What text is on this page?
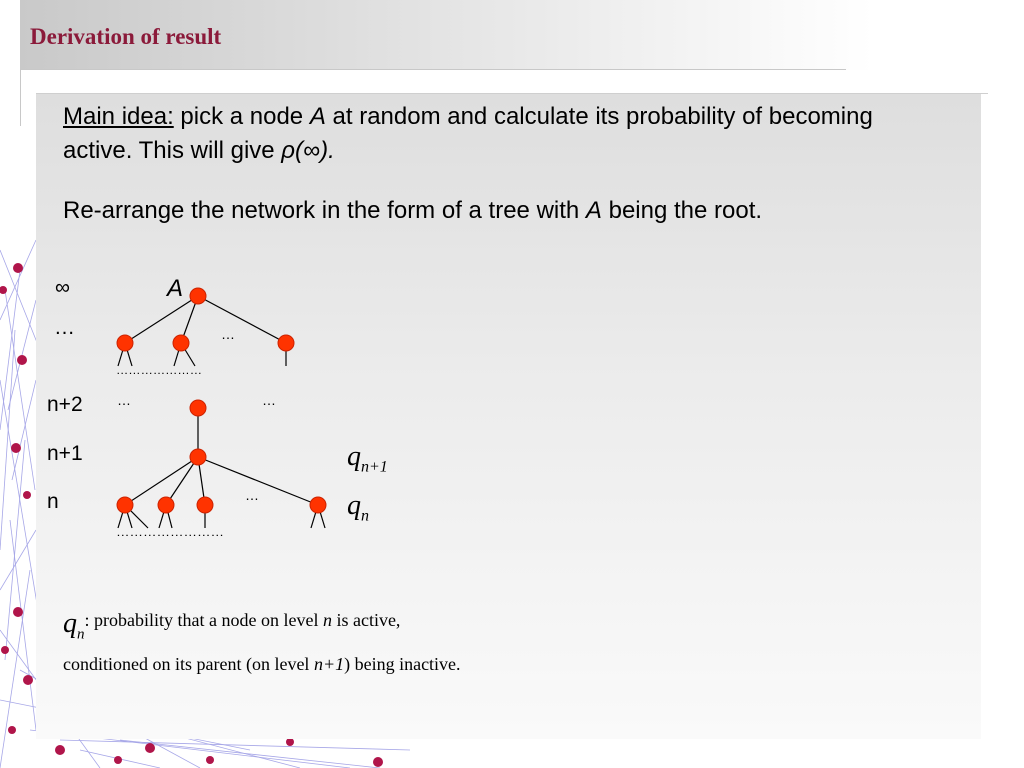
Derivation of result
Main idea: pick a node A at random and calculate its probability of becoming active. This will give ρ(∞).
Re-arrange the network in the form of a tree with A being the root.
∞
…
n+2
n+1
n
A
…
…………………
…	…
…
……………………
$q_{n+1}$
$q_n$
$q_n$: probability that a node on level n is active, conditioned on its parent (on level n+1) being inactive.
